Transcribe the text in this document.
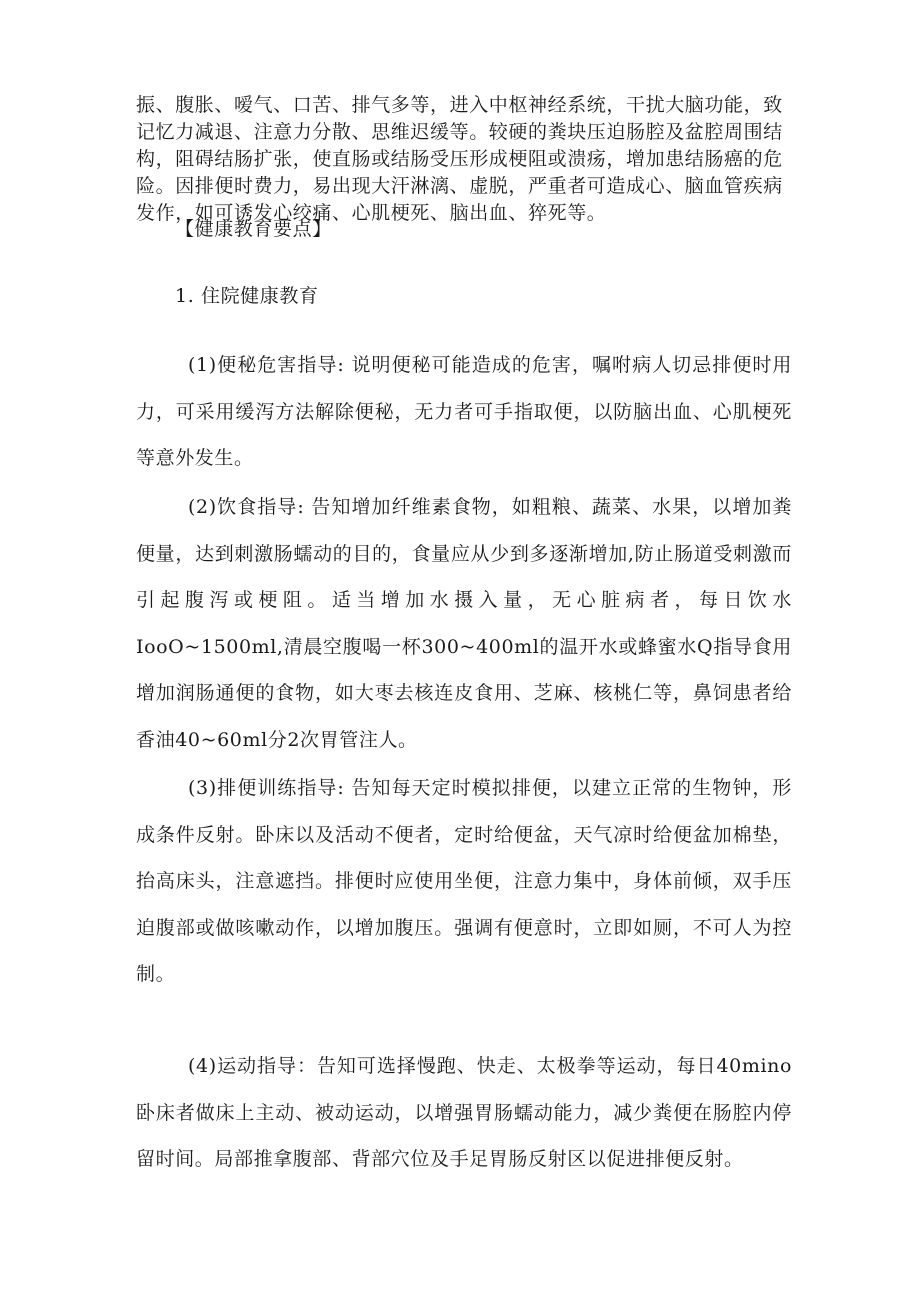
振、腹胀、嗳气、口苦、排气多等，进入中枢神经系统，干扰大脑功能，致记忆力减退、注意力分散、思维迟缓等。较硬的粪块压迫肠腔及盆腔周围结构，阻碍结肠扩张，使直肠或结肠受压形成梗阻或溃疡，增加患结肠癌的危险。因排便时费力，易出现大汗淋漓、虚脱，严重者可造成心、脑血管疾病发作，如可诱发心绞痛、心肌梗死、脑出血、猝死等。

【健康教育要点】

1. 住院健康教育

(1)便秘危害指导: 说明便秘可能造成的危害，嘱咐病人切忌排便时用力，可采用缓泻方法解除便秘，无力者可手指取便，以防脑出血、心肌梗死等意外发生。

(2)饮食指导: 告知增加纤维素食物，如粗粮、蔬菜、水果，以增加粪便量，达到刺激肠蠕动的目的，食量应从少到多逐渐增加,防止肠道受刺激而引起腹泻或梗阻。适当增加水摄入量，无心脏病者，每日饮水IooO~1500ml,清晨空腹喝一杯300~400ml的温开水或蜂蜜水Q指导食用增加润肠通便的食物，如大枣去核连皮食用、芝麻、核桃仁等，鼻饲患者给香油40~60ml分2次胃管注人。

(3)排便训练指导: 告知每天定时模拟排便，以建立正常的生物钟，形成条件反射。卧床以及活动不便者，定时给便盆，天气凉时给便盆加棉垫，抬高床头，注意遮挡。排便时应使用坐便，注意力集中，身体前倾，双手压迫腹部或做咳嗽动作，以增加腹压。强调有便意时，立即如厕，不可人为控制。

(4)运动指导：告知可选择慢跑、快走、太极拳等运动，每日40mino卧床者做床上主动、被动运动，以增强胃肠蠕动能力，减少粪便在肠腔内停留时间。局部推拿腹部、背部穴位及手足胃肠反射区以促进排便反射。
